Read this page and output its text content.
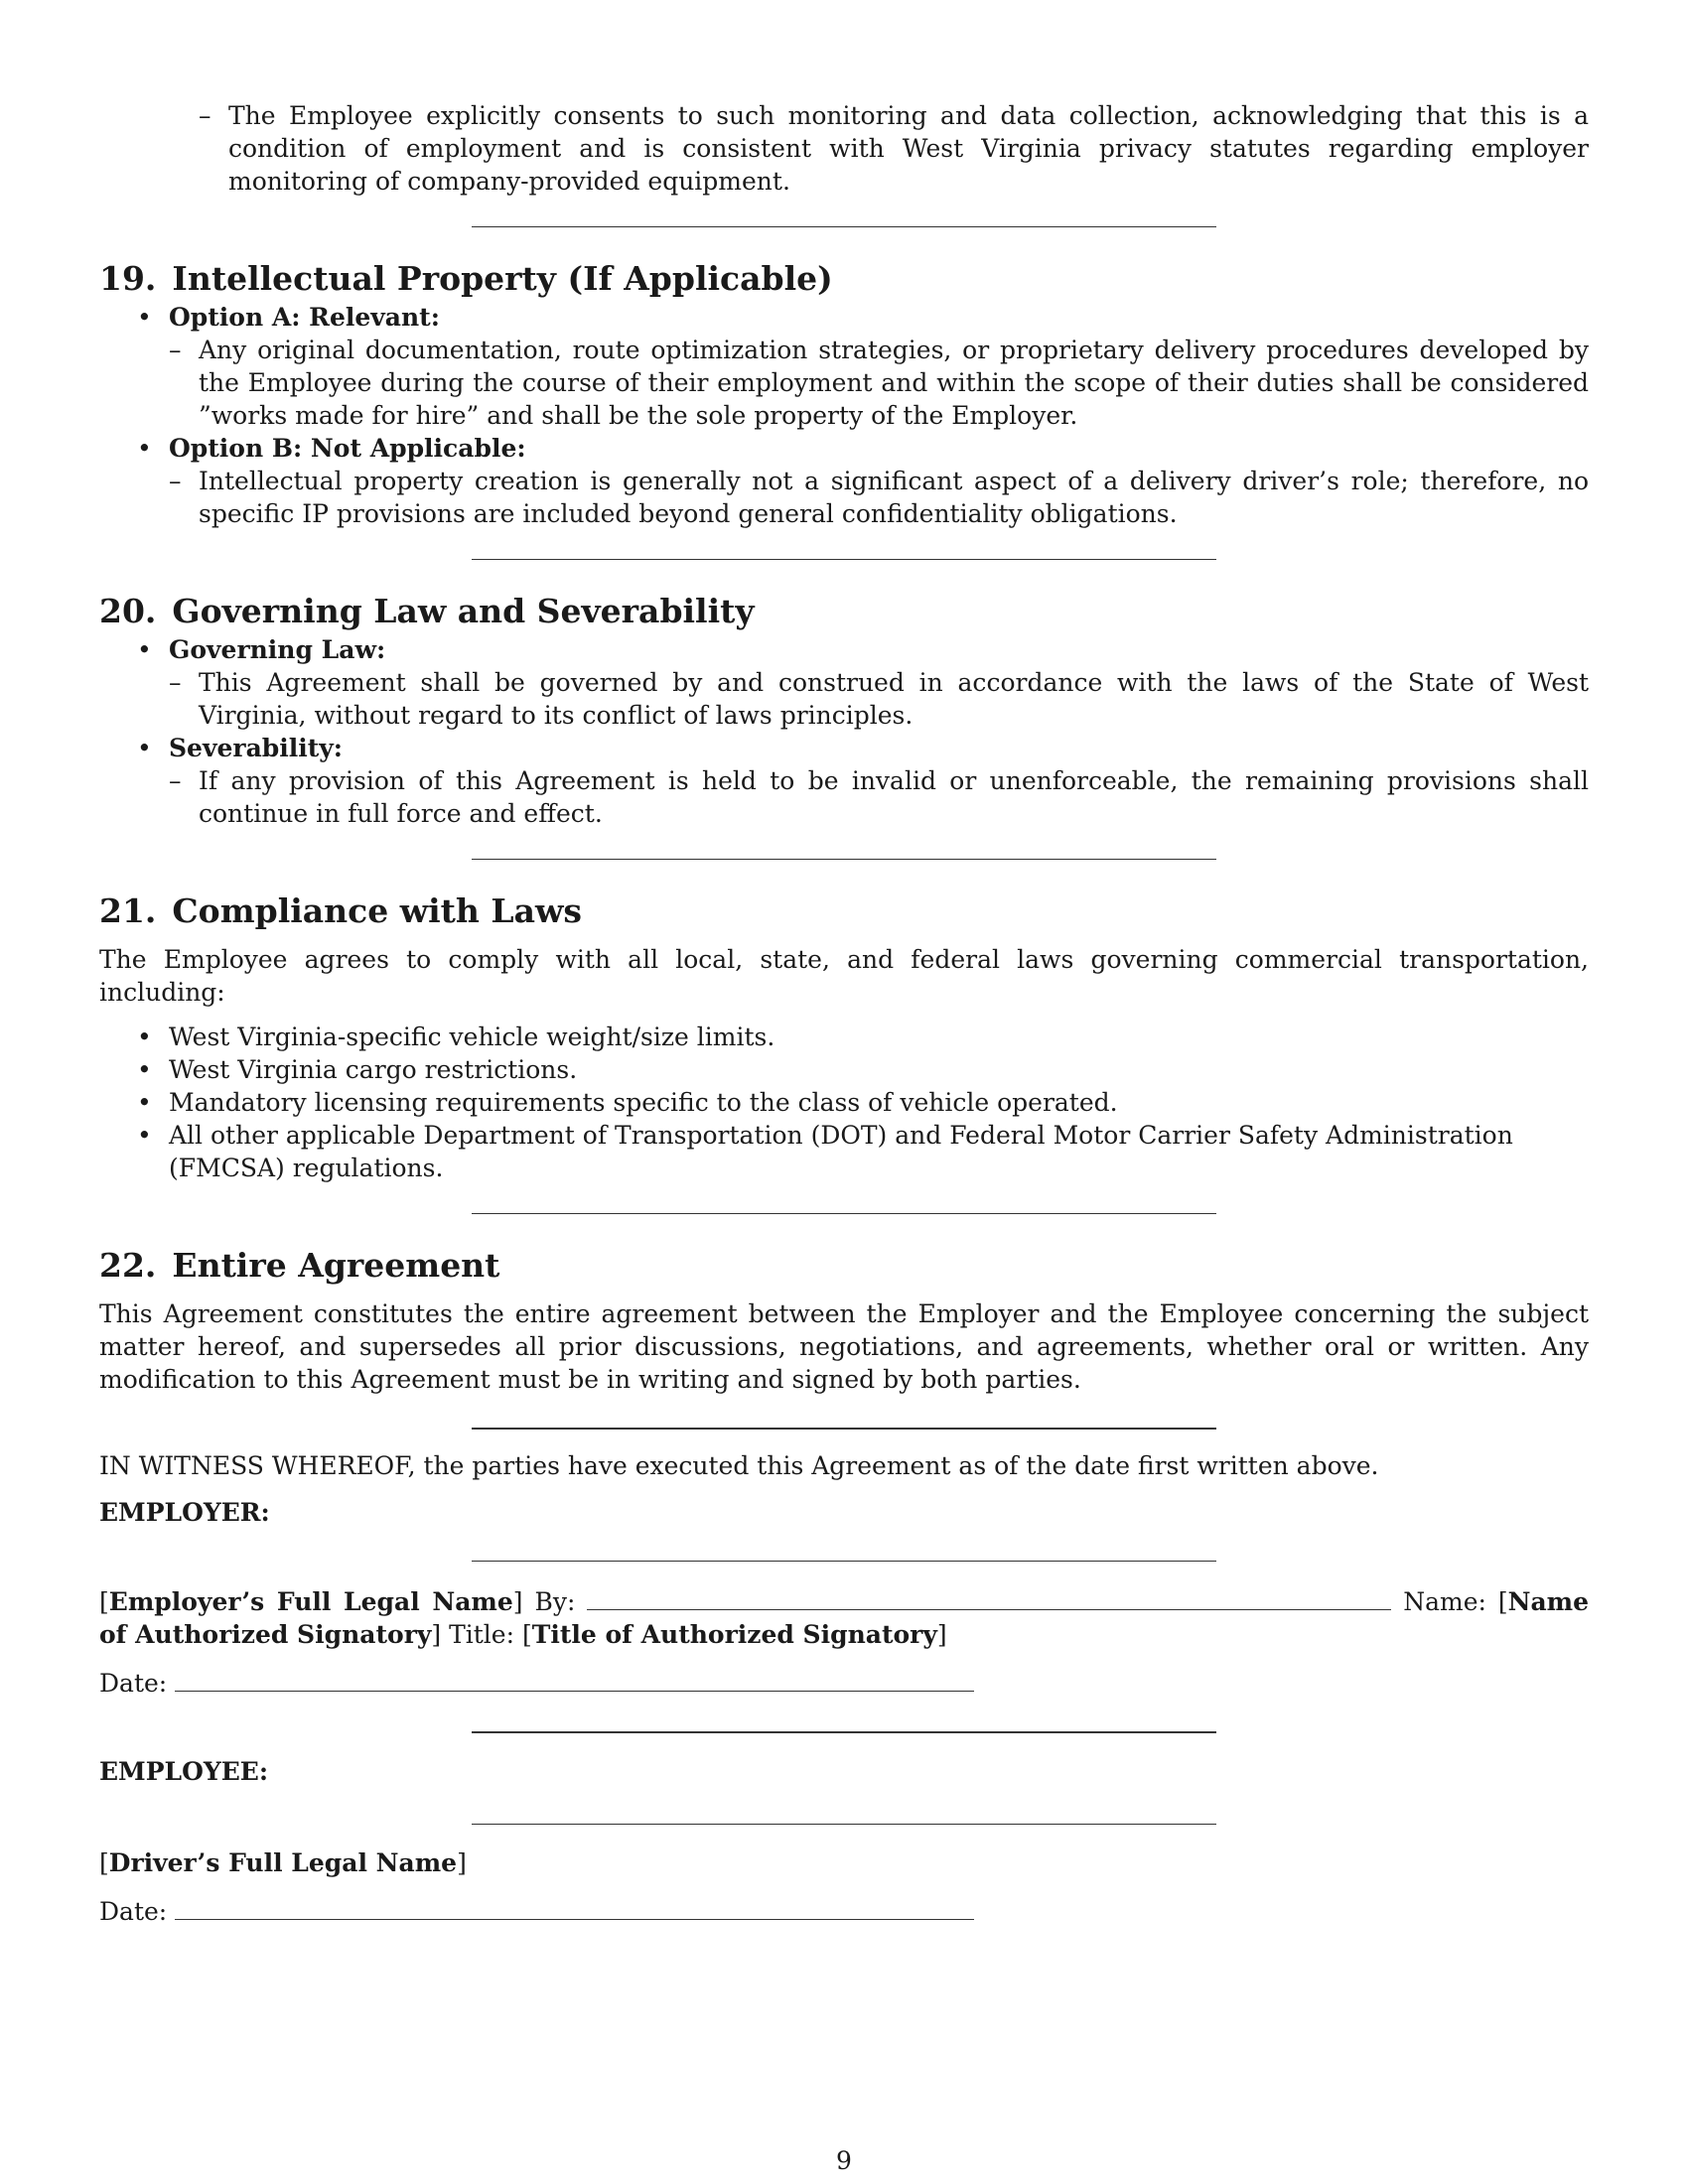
– The Employee explicitly consents to such monitoring and data collection, acknowledging that this is a condition of employment and is consistent with West Virginia privacy statutes regarding employer monitoring of company-provided equipment.
19. Intellectual Property (If Applicable)
• Option A: Relevant:
– Any original documentation, route optimization strategies, or proprietary delivery procedures developed by the Employee during the course of their employment and within the scope of their duties shall be considered ”works made for hire” and shall be the sole property of the Employer.
• Option B: Not Applicable:
– Intellectual property creation is generally not a significant aspect of a delivery driver’s role; therefore, no specific IP provisions are included beyond general confidentiality obligations.
20. Governing Law and Severability
• Governing Law:
– This Agreement shall be governed by and construed in accordance with the laws of the State of West Virginia, without regard to its conflict of laws principles.
• Severability:
– If any provision of this Agreement is held to be invalid or unenforceable, the remaining provisions shall continue in full force and effect.
21. Compliance with Laws
The Employee agrees to comply with all local, state, and federal laws governing commercial transportation, including:
• West Virginia-specific vehicle weight/size limits.
• West Virginia cargo restrictions.
• Mandatory licensing requirements specific to the class of vehicle operated.
• All other applicable Department of Transportation (DOT) and Federal Motor Carrier Safety Administration (FMCSA) regulations.
22. Entire Agreement
This Agreement constitutes the entire agreement between the Employer and the Employee concerning the subject matter hereof, and supersedes all prior discussions, negotiations, and agreements, whether oral or written. Any modification to this Agreement must be in writing and signed by both parties.
IN WITNESS WHEREOF, the parties have executed this Agreement as of the date first written above.
EMPLOYER:
[Employer’s Full Legal Name] By:	Name: [Name of Authorized Signatory] Title: [Title of Authorized Signatory]
Date:
EMPLOYEE:
[Driver’s Full Legal Name]
Date:
9
